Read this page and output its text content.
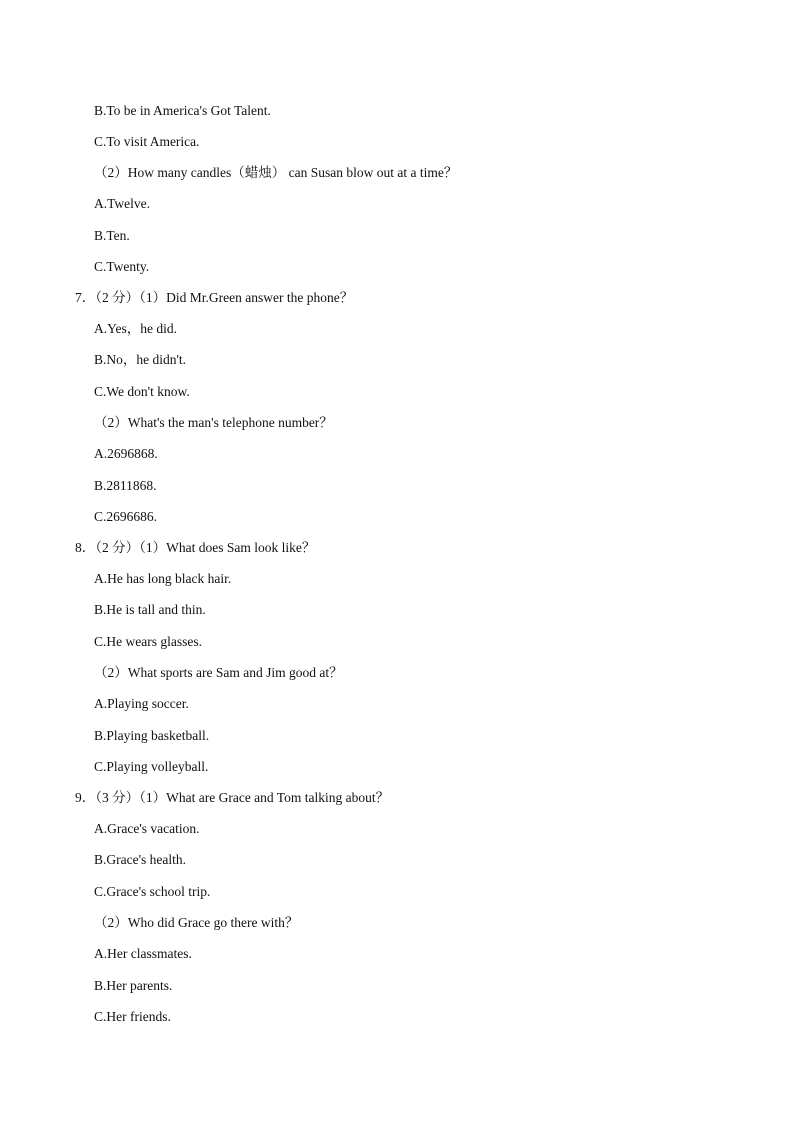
B.To be in America's Got Talent.
C.To visit America.
（2）How many candles（蜡烛） can Susan blow out at a time？
A.Twelve.
B.Ten.
C.Twenty.
7．（2 分）（1）Did Mr.Green answer the phone？
A.Yes，he did.
B.No，he didn't.
C.We don't know.
（2）What's the man's telephone number？
A.2696868.
B.2811868.
C.2696686.
8．（2 分）（1）What does Sam look like？
A.He has long black hair.
B.He is tall and thin.
C.He wears glasses.
（2）What sports are Sam and Jim good at？
A.Playing soccer.
B.Playing basketball.
C.Playing volleyball.
9．（3 分）（1）What are Grace and Tom talking about？
A.Grace's vacation.
B.Grace's health.
C.Grace's school trip.
（2）Who did Grace go there with？
A.Her classmates.
B.Her parents.
C.Her friends.
